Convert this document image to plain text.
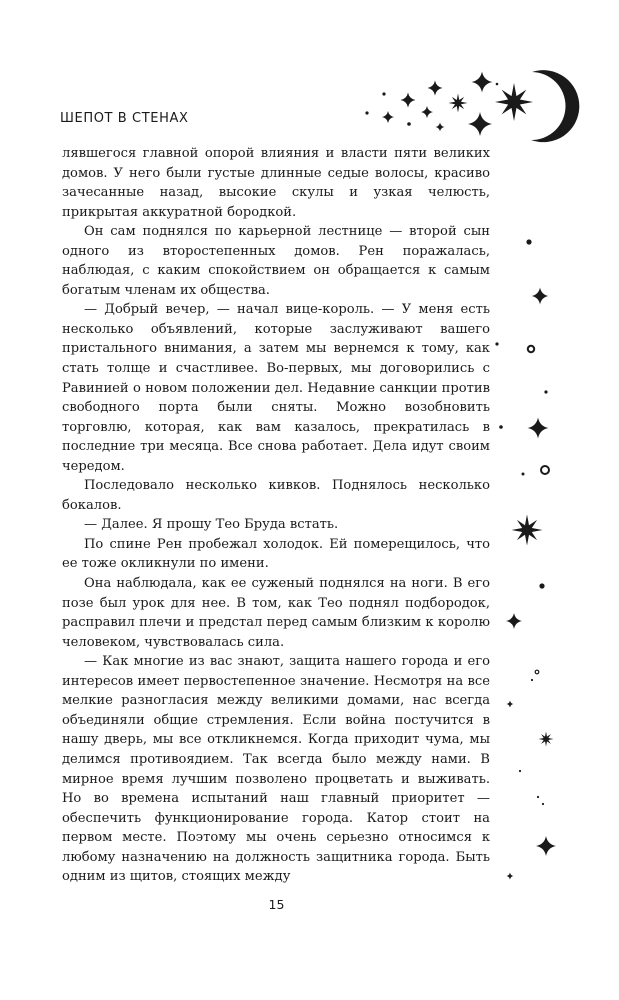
ШЕПОТ В СТЕНАХ

лявшегося главной опорой влияния и власти пяти великих домов. У него были густые длинные седые волосы, красиво зачесанные назад, высокие скулы и узкая челюсть, прикрытая аккуратной бородкой.

Он сам поднялся по карьерной лестнице — второй сын одного из второстепенных домов. Рен поражалась, наблюдая, с каким спокойствием он обращается к самым богатым членам их общества.

— Добрый вечер, — начал вице-король. — У меня есть несколько объявлений, которые заслуживают вашего пристального внимания, а затем мы вернемся к тому, как стать толще и счастливее. Во-первых, мы договорились с Равинией о новом положении дел. Недавние санкции против свободного порта были сняты. Можно возобновить торговлю, которая, как вам казалось, прекратилась в последние три месяца. Все снова работает. Дела идут своим чередом.

Последовало несколько кивков. Поднялось несколько бокалов.

— Далее. Я прошу Тео Бруда встать.

По спине Рен пробежал холодок. Ей померещилось, что ее тоже окликнули по имени.

Она наблюдала, как ее суженый поднялся на ноги. В его позе был урок для нее. В том, как Тео поднял подбородок, расправил плечи и предстал перед самым близким к королю человеком, чувствовалась сила.

— Как многие из вас знают, защита нашего города и его интересов имеет первостепенное значение. Несмотря на все мелкие разногласия между великими домами, нас всегда объединяли общие стремления. Если война постучится в нашу дверь, мы все откликнемся. Когда приходит чума, мы делимся противоядием. Так всегда было между нами. В мирное время лучшим позволено процветать и выживать. Но во времена испытаний наш главный приоритет — обеспечить функционирование города. Катор стоит на первом месте. Поэтому мы очень серьезно относимся к любому назначению на должность защитника города. Быть одним из щитов, стоящих между

15
